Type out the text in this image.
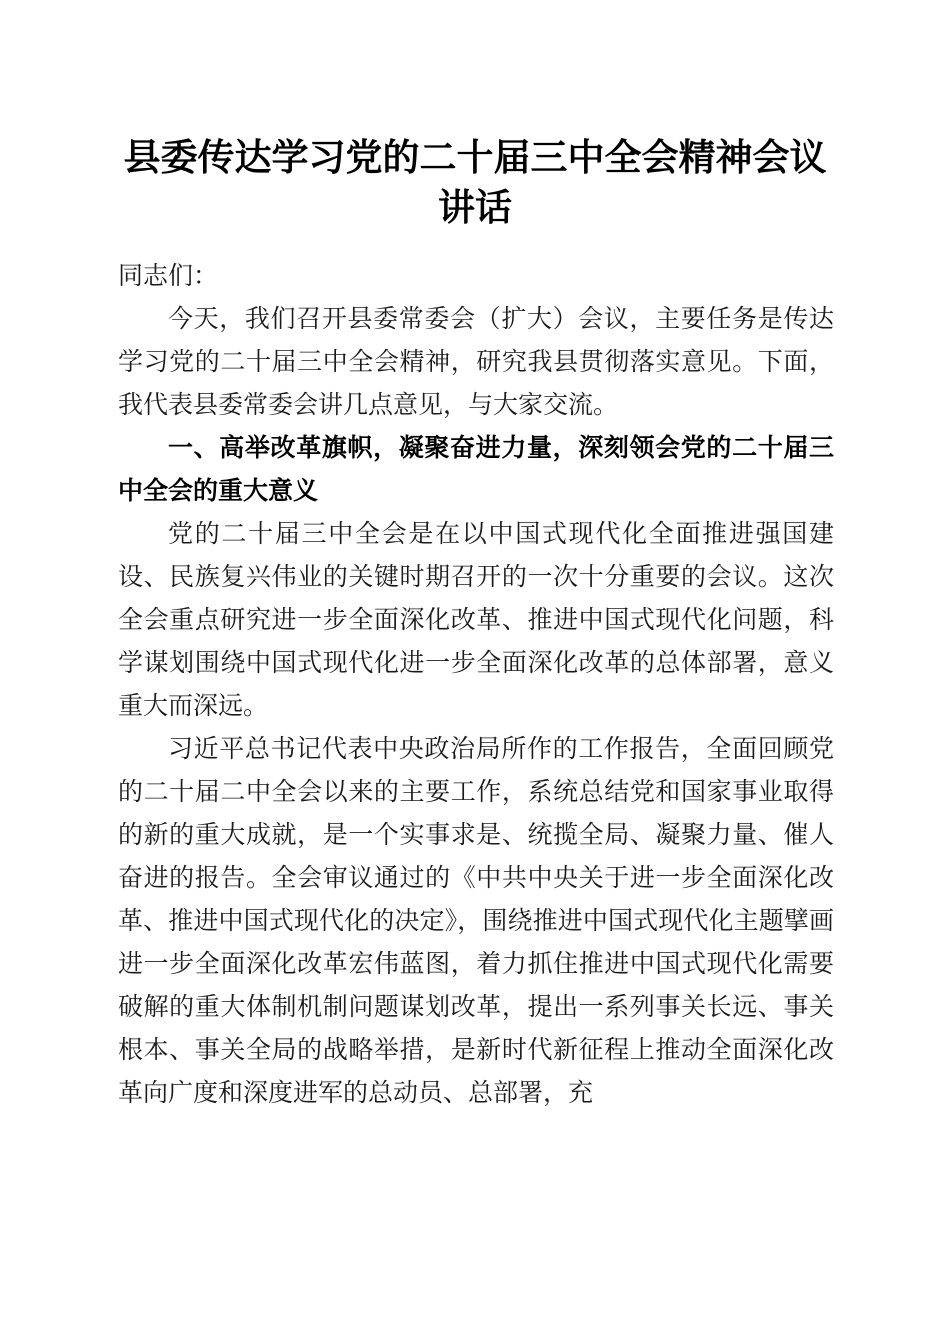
县委传达学习党的二十届三中全会精神会议讲话

同志们：

今天，我们召开县委常委会（扩大）会议，主要任务是传达学习党的二十届三中全会精神，研究我县贯彻落实意见。下面，我代表县委常委会讲几点意见，与大家交流。

一、高举改革旗帜，凝聚奋进力量，深刻领会党的二十届三中全会的重大意义

党的二十届三中全会是在以中国式现代化全面推进强国建设、民族复兴伟业的关键时期召开的一次十分重要的会议。这次全会重点研究进一步全面深化改革、推进中国式现代化问题，科学谋划围绕中国式现代化进一步全面深化改革的总体部署，意义重大而深远。

习近平总书记代表中央政治局所作的工作报告，全面回顾党的二十届二中全会以来的主要工作，系统总结党和国家事业取得的新的重大成就，是一个实事求是、统揽全局、凝聚力量、催人奋进的报告。全会审议通过的《中共中央关于进一步全面深化改革、推进中国式现代化的决定》，围绕推进中国式现代化主题擘画进一步全面深化改革宏伟蓝图，着力抓住推进中国式现代化需要破解的重大体制机制问题谋划改革，提出一系列事关长远、事关根本、事关全局的战略举措，是新时代新征程上推动全面深化改革向广度和深度进军的总动员、总部署，充
